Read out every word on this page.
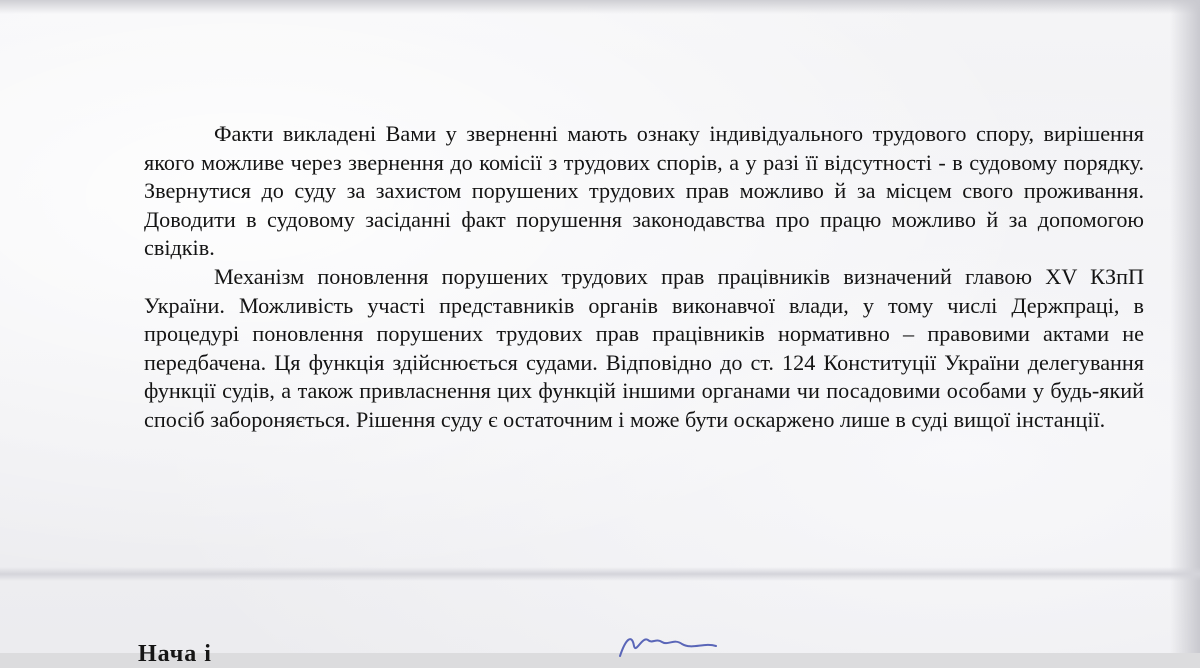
Факти викладені Вами у зверненні мають ознаку індивідуального трудового спору, вирішення якого можливе через звернення до комісії з трудових спорів, а у разі її відсутності - в судовому порядку. Звернутися до суду за захистом порушених трудових прав можливо й за місцем свого проживання. Доводити в судовому засіданні факт порушення законодавства про працю можливо й за допомогою свідків.

Механізм поновлення порушених трудових прав працівників визначений главою XV КЗпП України. Можливість участі представників органів виконавчої влади, у тому числі Держпраці, в процедурі поновлення порушених трудових прав працівників нормативно – правовими актами не передбачена. Ця функція здійснюється судами. Відповідно до ст. 124 Конституції України делегування функції судів, а також привласнення цих функцій іншими органами чи посадовими особами у будь-який спосіб забороняється. Рішення суду є остаточним і може бути оскаржено лише в суді вищої інстанції.

Нача і
